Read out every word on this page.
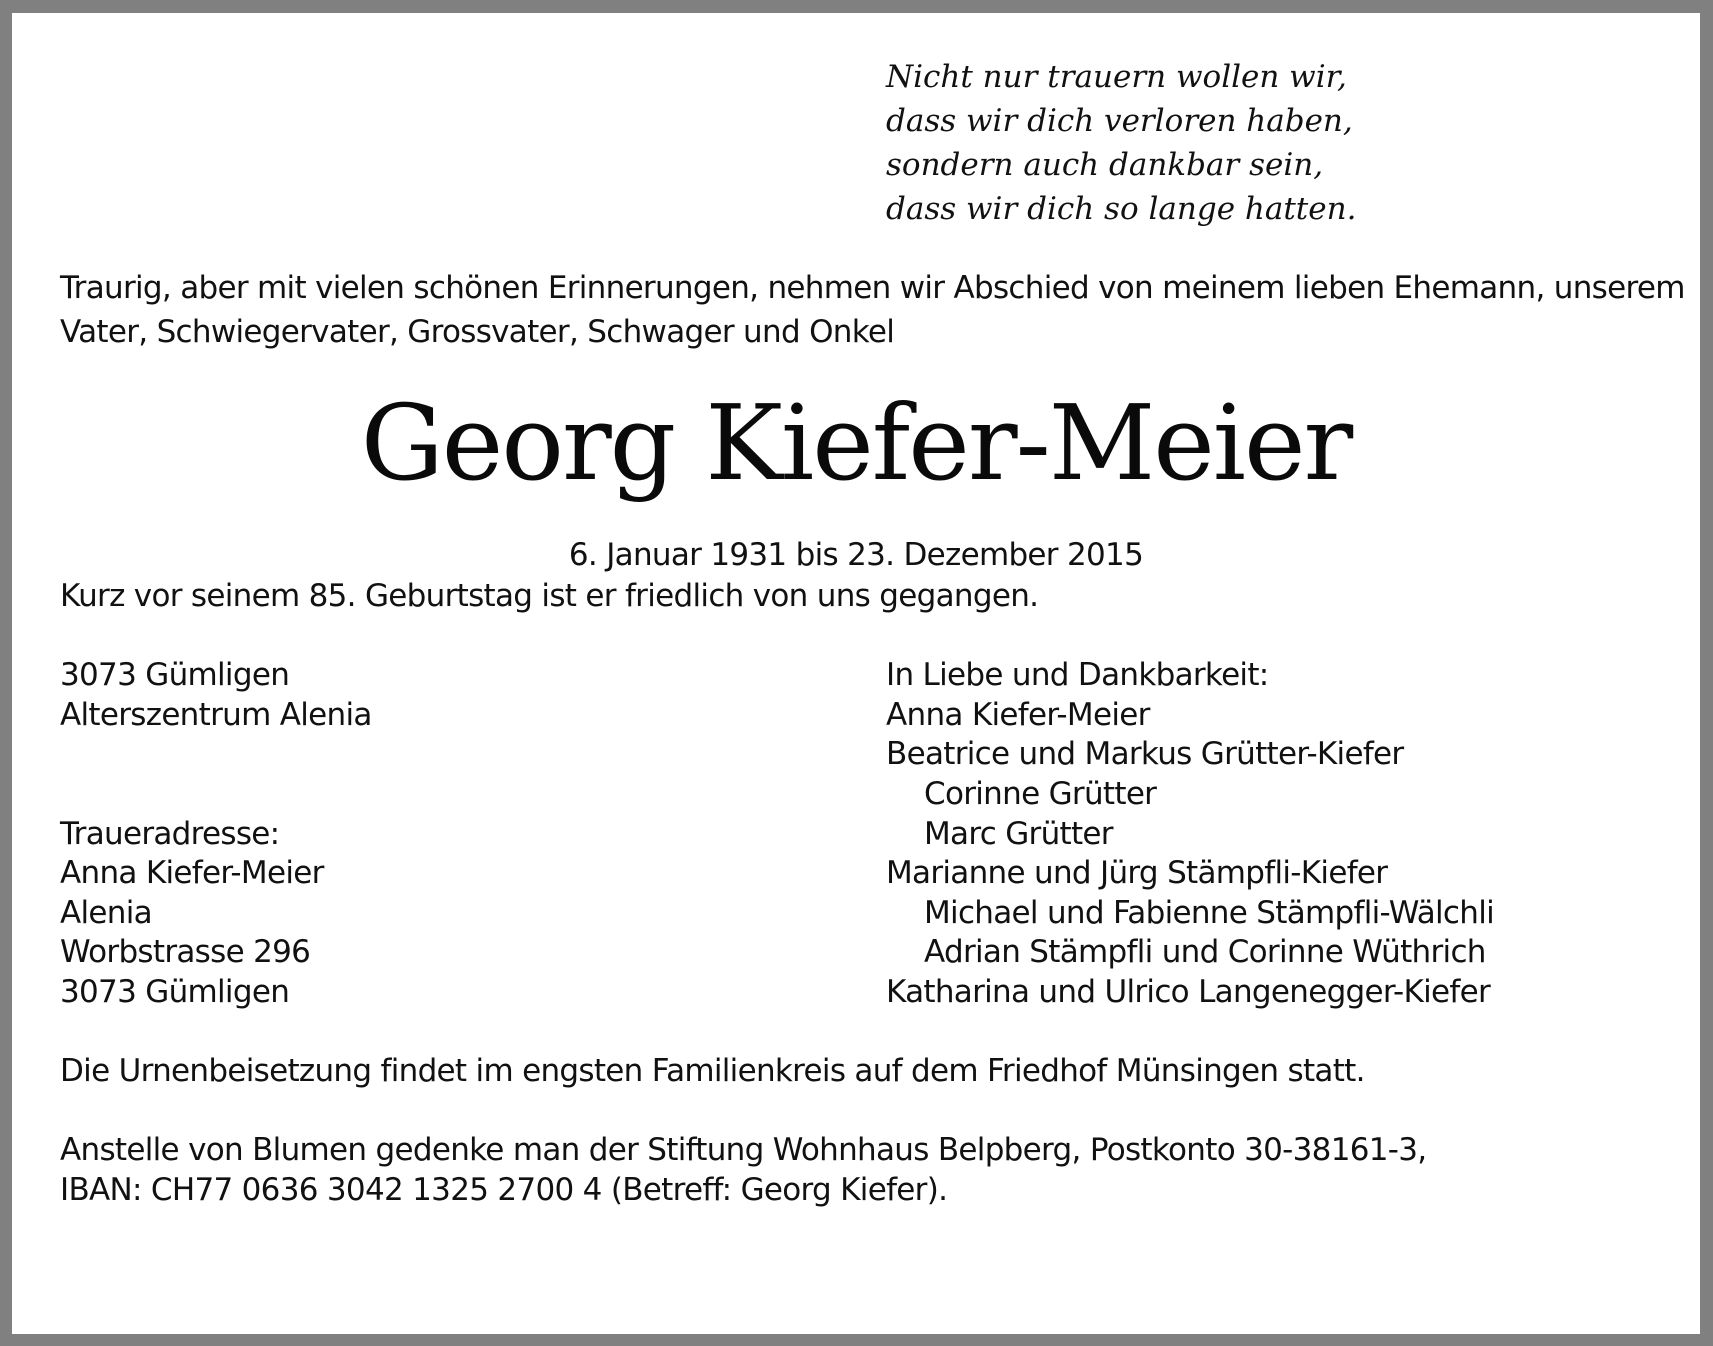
Nicht nur trauern wollen wir,
dass wir dich verloren haben,
sondern auch dankbar sein,
dass wir dich so lange hatten.
Traurig, aber mit vielen schönen Erinnerungen, nehmen wir Abschied von meinem lieben Ehemann, unserem
Vater, Schwiegervater, Grossvater, Schwager und Onkel
Georg Kiefer-Meier
6. Januar 1931 bis 23. Dezember 2015
Kurz vor seinem 85. Geburtstag ist er friedlich von uns gegangen.
3073 Gümligen
Alterszentrum Alenia
Traueradresse:
Anna Kiefer-Meier
Alenia
Worbstrasse 296
3073 Gümligen
In Liebe und Dankbarkeit:
Anna Kiefer-Meier
Beatrice und Markus Grütter-Kiefer
Corinne Grütter
Marc Grütter
Marianne und Jürg Stämpfli-Kiefer
Michael und Fabienne Stämpfli-Wälchli
Adrian Stämpfli und Corinne Wüthrich
Katharina und Ulrico Langenegger-Kiefer
Die Urnenbeisetzung findet im engsten Familienkreis auf dem Friedhof Münsingen statt.
Anstelle von Blumen gedenke man der Stiftung Wohnhaus Belpberg, Postkonto 30-38161-3,
IBAN: CH77 0636 3042 1325 2700 4 (Betreff: Georg Kiefer).
